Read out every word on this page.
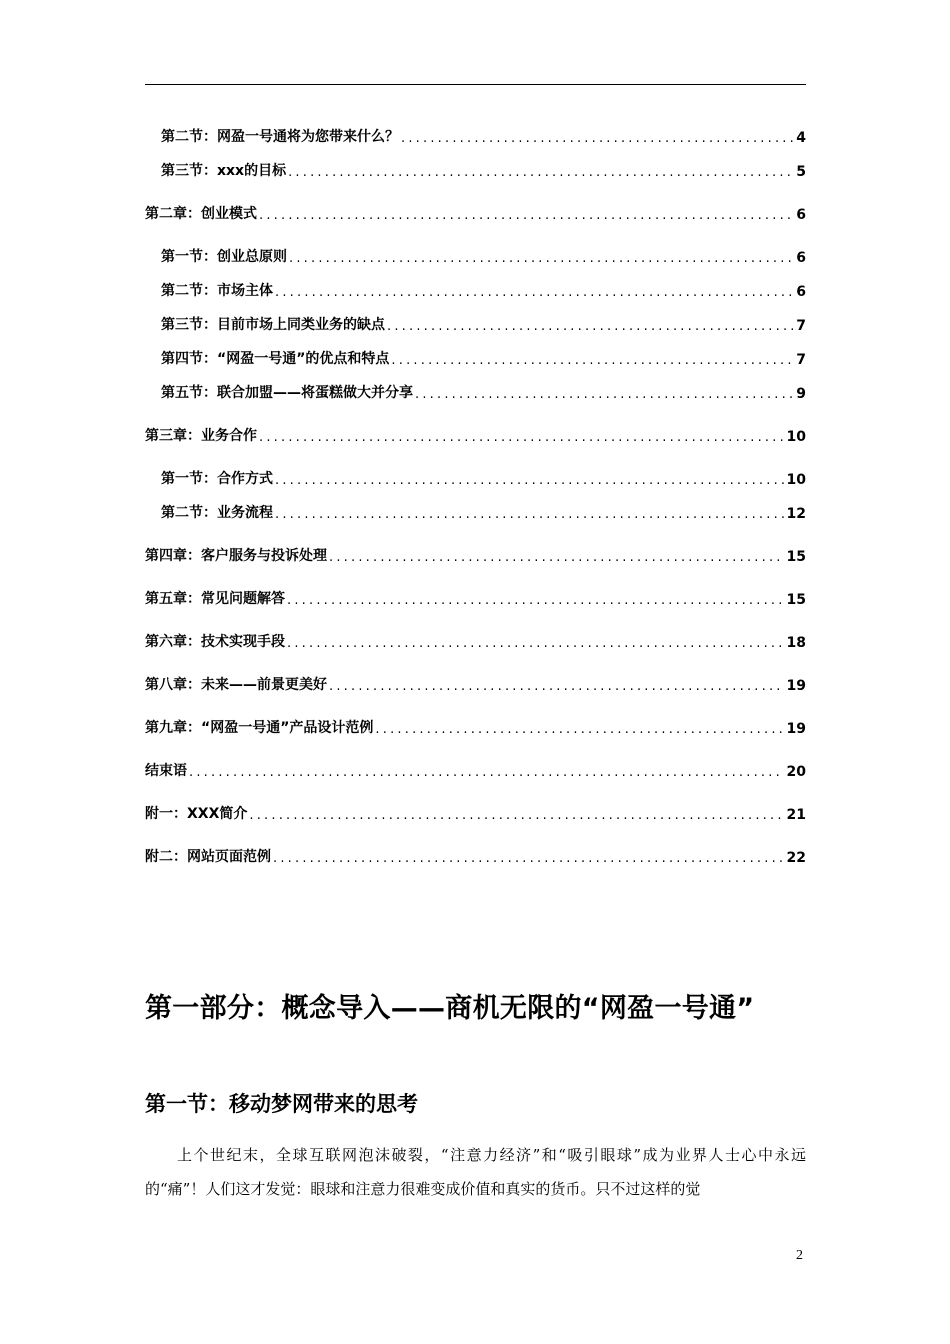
第二节：网盈一号通将为您带来什么？ .....	4
第三节：xxx的目标 .....	5
第二章：创业模式 .....	6
第一节：创业总原则 .....	6
第二节：市场主体 .....	6
第三节：目前市场上同类业务的缺点 .....	7
第四节：“网盈一号通”的优点和特点 .....	7
第五节：联合加盟——将蛋糕做大并分享 .....	9
第三章：业务合作 .....	10
第一节：合作方式 .....	10
第二节：业务流程 .....	12
第四章：客户服务与投诉处理 .....	15
第五章：常见问题解答 .....	15
第六章：技术实现手段 .....	18
第八章：未来——前景更美好 .....	19
第九章：“网盈一号通”产品设计范例 .....	19
结束语 .....	20
附一：XXX简介 .....	21
附二：网站页面范例 .....	22
第一部分：概念导入——商机无限的“网盈一号通”
第一节：移动梦网带来的思考

上个世纪末，全球互联网泡沫破裂，“注意力经济”和“吸引眼球”成为业界人士心中永远的“痛”！人们这才发觉：眼球和注意力很难变成价值和真实的货币。只不过这样的觉

2
